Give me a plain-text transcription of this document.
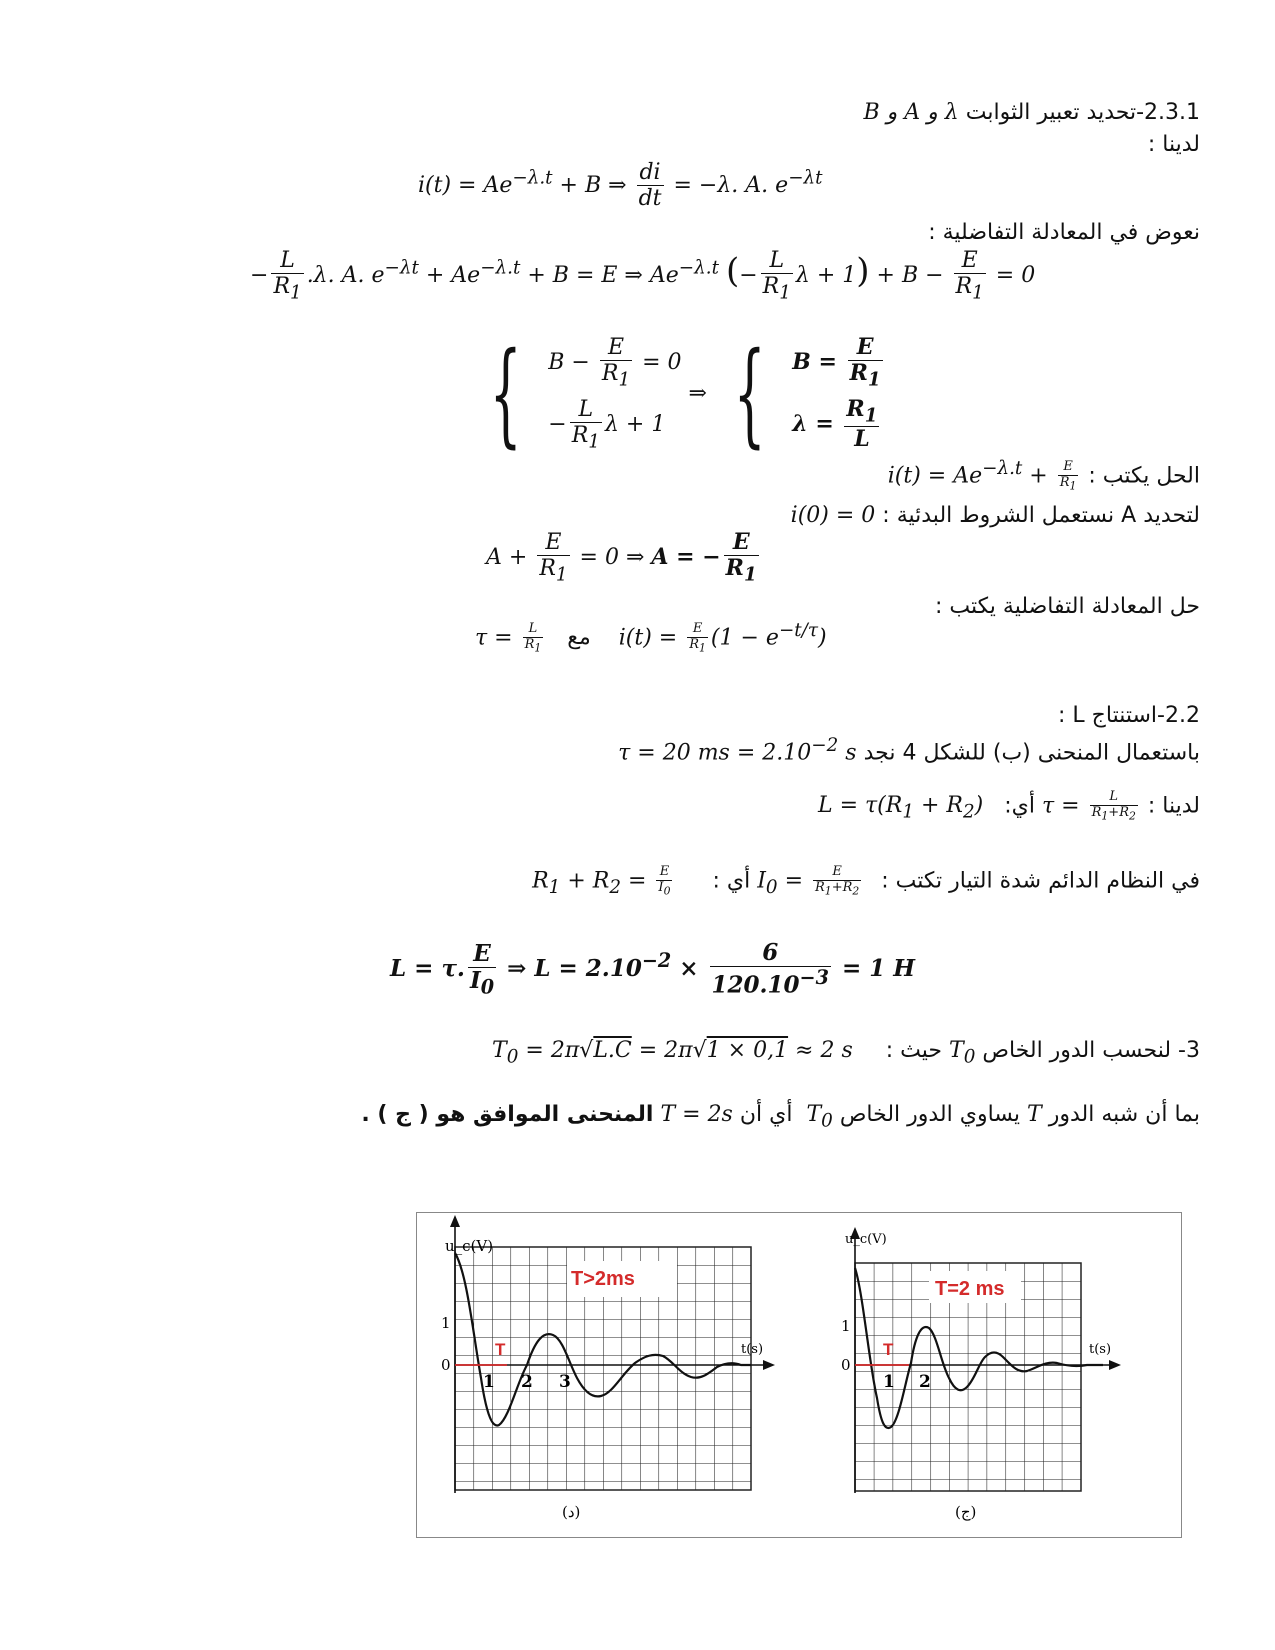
2.3.1-تحديد تعبير الثوابت λ و A و B
لدينا :
$i(t) = Ae^{-\lambda.t} + B$ ⇒ $\frac{di}{dt} = -\lambda$. A. $e^{-\lambda t}$
نعوض في المعادلة التفاضلية :
− $\frac{L}{R_1} .\lambda$. A. $e^{-\lambda t} + Ae^{-\lambda.t} + B = E$ ⇒ $Ae^{-\lambda.t}$ (− $\frac{L}{R_1}$ $\lambda + 1) + B - \frac{E}{R_1} = 0$
{ $B - \frac{E}{R_1} = 0$
− $\frac{L}{R_1}$ λ + 1
⇒ { $B = \frac{E}{R_1}$
$\lambda = \frac{R_1}{L}$
الحل يكتب : $i(t) = Ae^{-\lambda.t} + \frac{E}{R_1}$
لتحديد A نستعمل الشروط البدئية : i(0) = 0
$A + \frac{E}{R_1} = 0$ ⇒ A = − $\frac{E}{R_1}$
حل المعادلة التفاضلية يكتب :
$\tau = \frac{L}{R_1}$ مع  $i(t) = \frac{E}{R_1} (1 - e^{-t/\tau})$
2.2-استنتاج L :
باستعمال المنحنى (ب) للشكل 4 نجد τ = 20 ms = $2.10^{-2}$ s
لدينا : $\tau = \frac{L}{R_1+R_2}$
أي: $L = \tau(R_1 + R_2)$
في النظام الدائم شدة التيار تكتب : $I_0 = \frac{E}{R_1+R_2}$
أي : $R_1 + R_2 = \frac{E}{I_0}$
L = τ. $\frac{E}{I_0}$ ⇒ $L = 2.10^{-2} \times \frac{6}{120.10^{-3}} = 1$ H
3- لنحسب الدور الخاص $T_0$ حيث : $T_0 = 2\pi√L.C = 2\pi√1 \times 0,1 \approx 2$ s
بما أن شبه الدور T يساوي الدور الخاص $T_0$  أي أن T = 2s المنحنى الموافق هو ( ج ) .
u_c(V)
t(s)
1
0
T>2ms
T
1 2 3
(د)
u_c(V)
t(s)
1
0
T=2 ms
T
1 2
(ج)
